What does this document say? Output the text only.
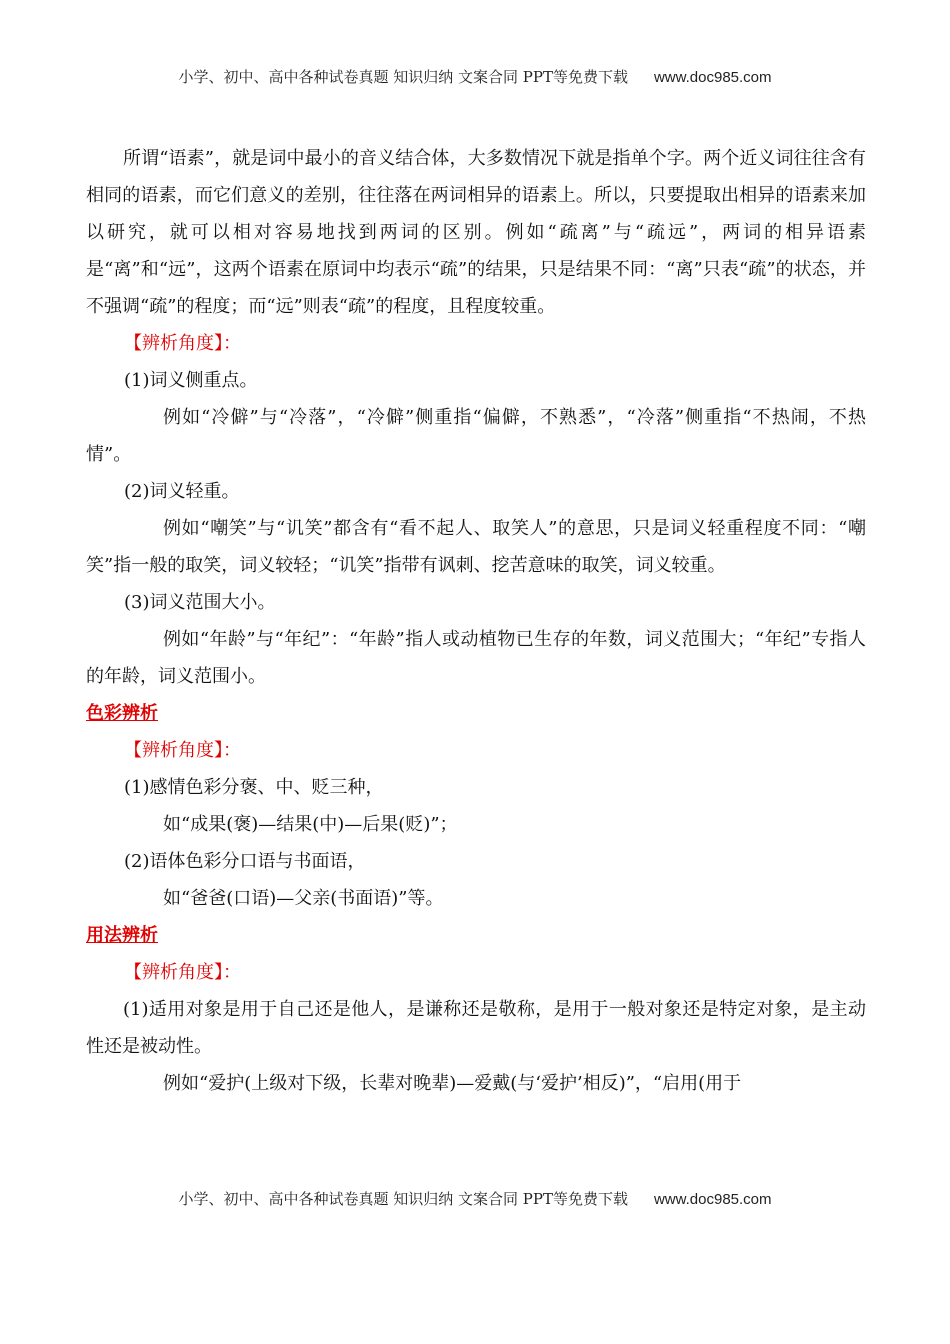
小学、初中、高中各种试卷真题 知识归纳 文案合同 PPT等免费下载 www.doc985.com

所谓“语素”，就是词中最小的音义结合体，大多数情况下就是指单个字。两个近义词往往含有相同的语素，而它们意义的差别，往往落在两词相异的语素上。所以，只要提取出相异的语素来加以研究，就可以相对容易地找到两词的区别。例如“疏离”与“疏远”，两词的相异语素是“离”和“远”，这两个语素在原词中均表示“疏”的结果，只是结果不同：“离”只表“疏”的状态，并不强调“疏”的程度；而“远”则表“疏”的程度，且程度较重。

【辨析角度】：

(1)词义侧重点。

例如“冷僻”与“冷落”，“冷僻”侧重指“偏僻，不熟悉”，“冷落”侧重指“不热闹，不热情”。

(2)词义轻重。

例如“嘲笑”与“讥笑”都含有“看不起人、取笑人”的意思，只是词义轻重程度不同：“嘲笑”指一般的取笑，词义较轻；“讥笑”指带有讽刺、挖苦意味的取笑，词义较重。

(3)词义范围大小。

例如“年龄”与“年纪”：“年龄”指人或动植物已生存的年数，词义范围大；“年纪”专指人的年龄，词义范围小。

色彩辨析

【辨析角度】：

(1)感情色彩分褒、中、贬三种，

如“成果(褒)—结果(中)—后果(贬)”；

(2)语体色彩分口语与书面语，

如“爸爸(口语)—父亲(书面语)”等。

用法辨析

【辨析角度】：

(1)适用对象是用于自己还是他人，是谦称还是敬称，是用于一般对象还是特定对象，是主动性还是被动性。

例如“爱护(上级对下级，长辈对晚辈)—爱戴(与‘爱护’相反)”，“启用(用于

小学、初中、高中各种试卷真题 知识归纳 文案合同 PPT等免费下载 www.doc985.com
